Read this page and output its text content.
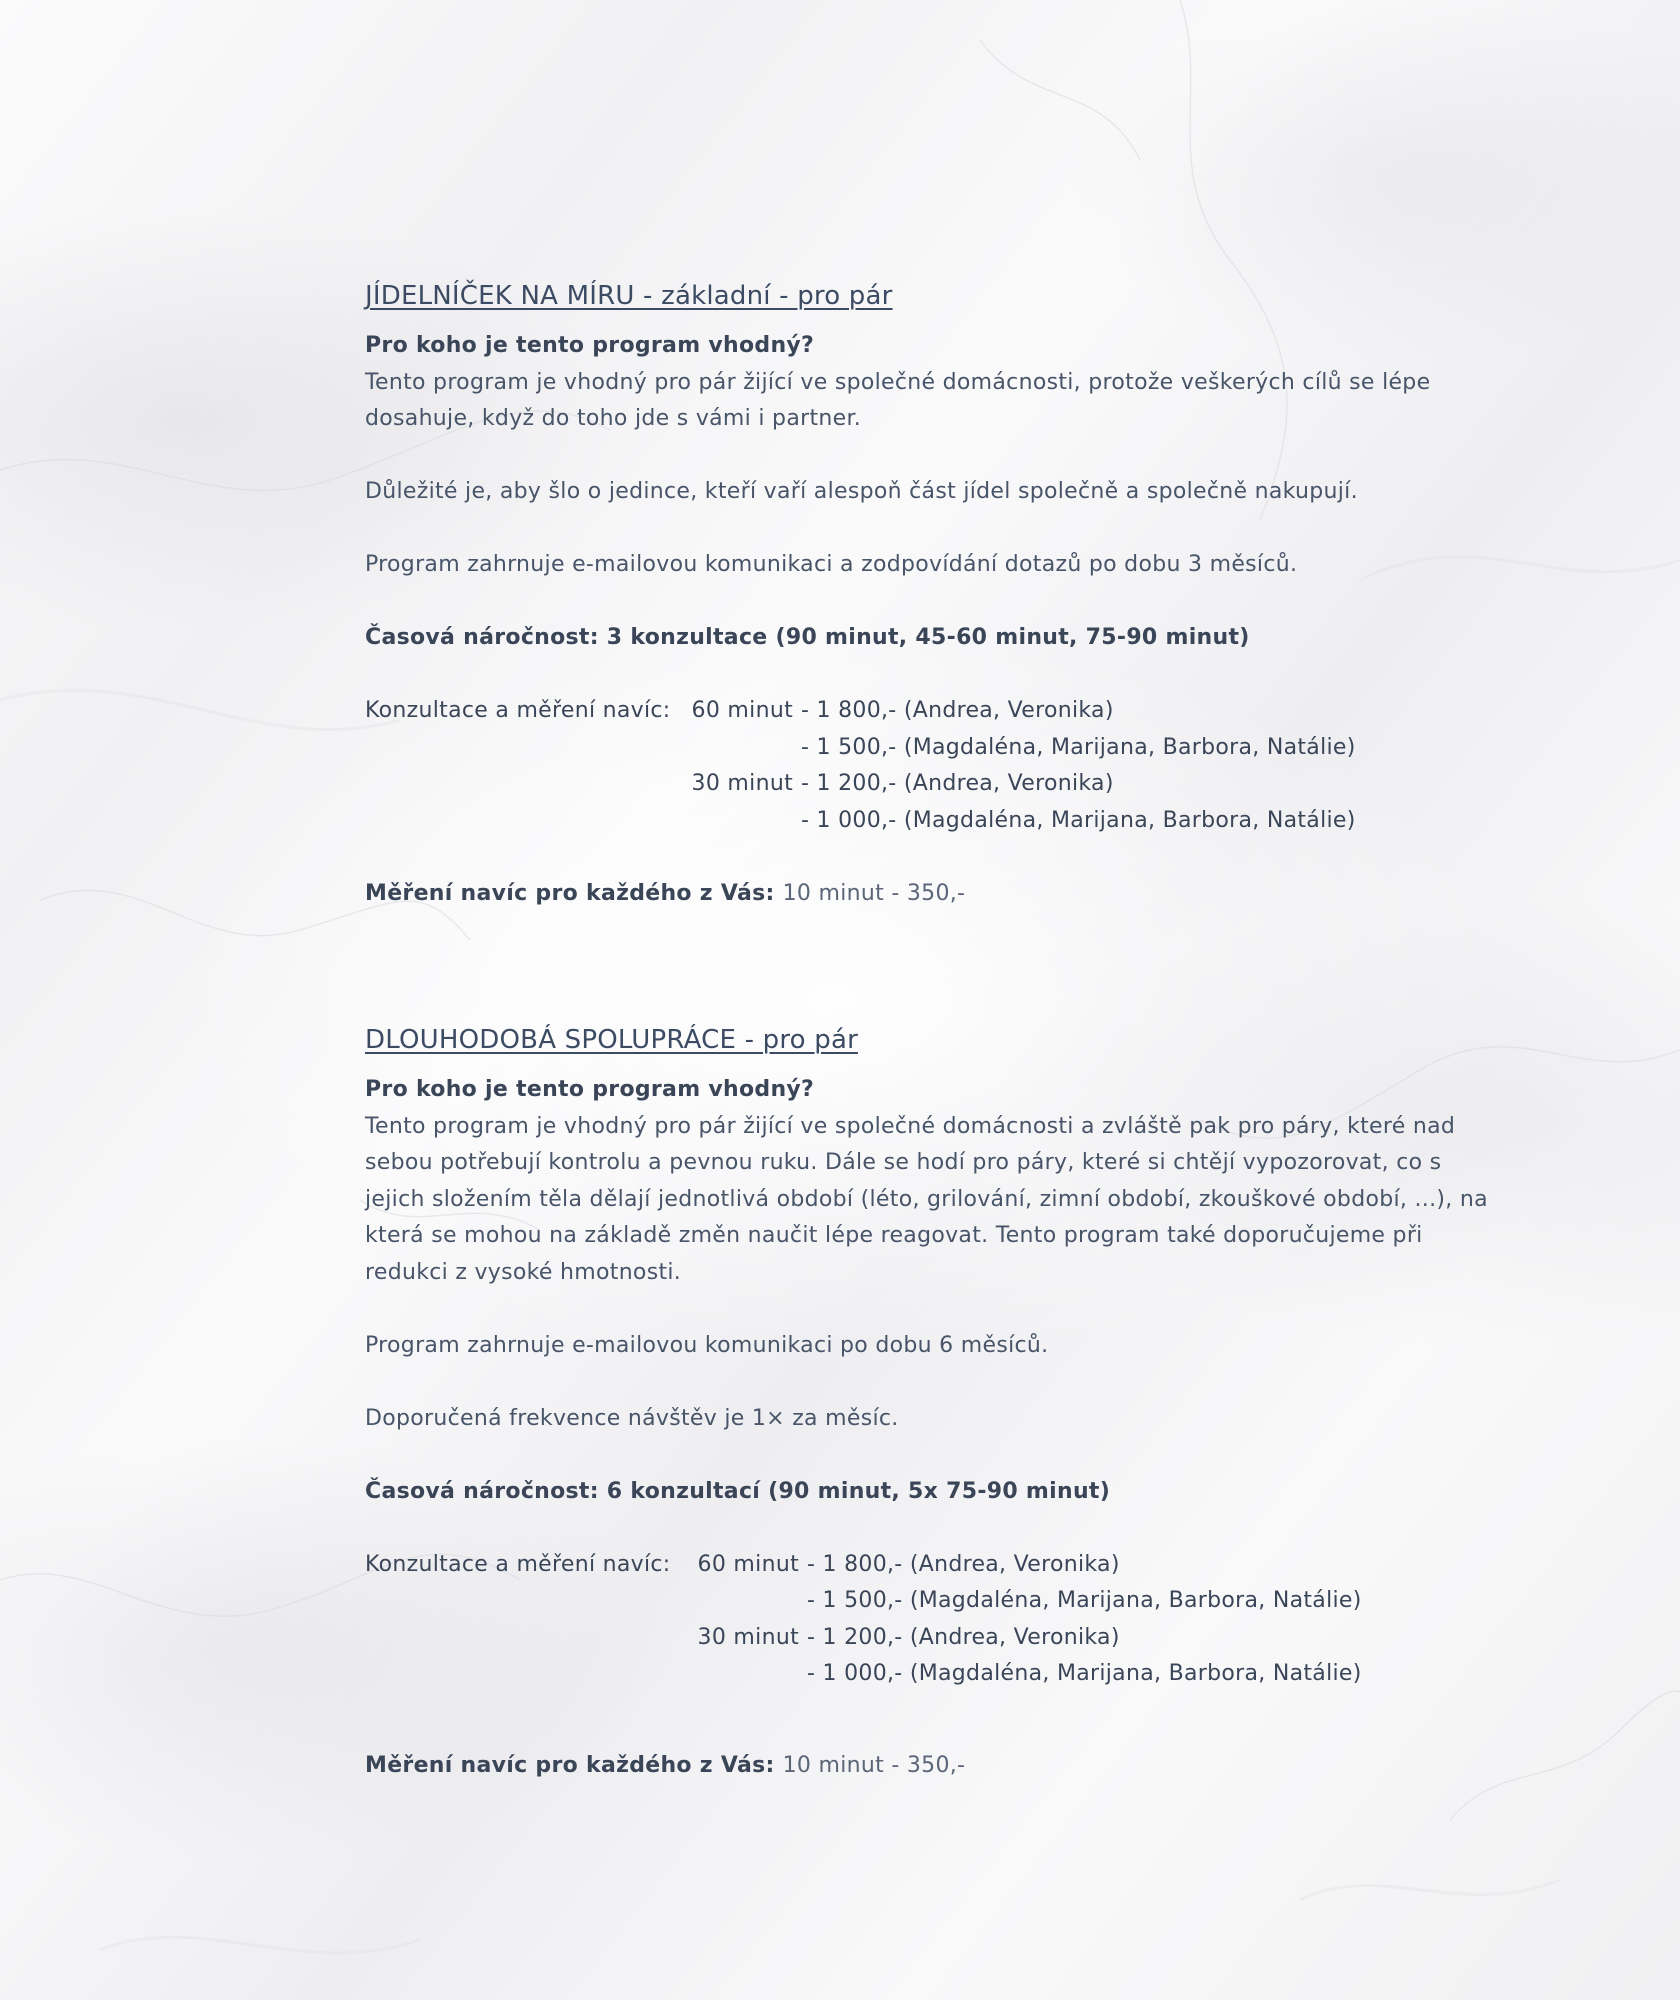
JÍDELNÍČEK NA MÍRU - základní - pro pár

Pro koho je tento program vhodný?

Tento program je vhodný pro pár žijící ve společné domácnosti, protože veškerých cílů se lépe dosahuje, když do toho jde s vámi i partner.

Důležité je, aby šlo o jedince, kteří vaří alespoň část jídel společně a společně nakupují.

Program zahrnuje e-mailovou komunikaci a zodpovídání dotazů po dobu 3 měsíců.

Časová náročnost: 3 konzultace (90 minut, 45-60 minut, 75-90 minut)

Konzultace a měření navíc:	60 minut	- 1 800,- (Andrea, Veronika)
		- 1 500,- (Magdaléna, Marijana, Barbora, Natálie)
	30 minut	- 1 200,- (Andrea, Veronika)
		- 1 000,- (Magdaléna, Marijana, Barbora, Natálie)

Měření navíc pro každého z Vás: 10 minut - 350,-

DLOUHODOBÁ SPOLUPRÁCE - pro pár

Pro koho je tento program vhodný?

Tento program je vhodný pro pár žijící ve společné domácnosti a zvláště pak pro páry, které nad sebou potřebují kontrolu a pevnou ruku. Dále se hodí pro páry, které si chtějí vypozorovat, co s jejich složením těla dělají jednotlivá období (léto, grilování, zimní období, zkouškové období, ...), na která se mohou na základě změn naučit lépe reagovat. Tento program také doporučujeme při redukci z vysoké hmotnosti.

Program zahrnuje e-mailovou komunikaci po dobu 6 měsíců.

Doporučená frekvence návštěv je 1× za měsíc.

Časová náročnost: 6 konzultací (90 minut, 5x 75-90 minut)

Konzultace a měření navíc:	60 minut	- 1 800,- (Andrea, Veronika)
		- 1 500,- (Magdaléna, Marijana, Barbora, Natálie)
	30 minut	- 1 200,- (Andrea, Veronika)
		- 1 000,- (Magdaléna, Marijana, Barbora, Natálie)

Měření navíc pro každého z Vás: 10 minut - 350,-
